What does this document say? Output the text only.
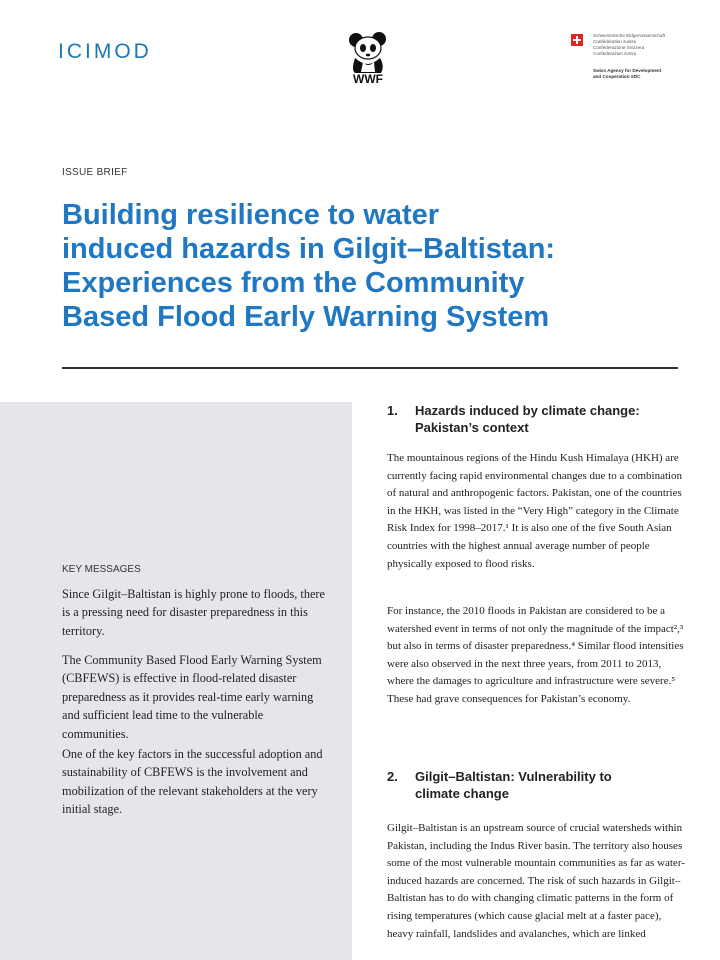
ICIMOD
WWF
Schweizerische Eidgenossenschaft
Confédération suisse
Confederazione Svizzera
Confederaziun svizra
Swiss Agency for Development
and Cooperation SDC
ISSUE BRIEF
Building resilience to water
induced hazards in Gilgit–Baltistan:
Experiences from the Community
Based Flood Early Warning System
KEY MESSAGES

Since Gilgit–Baltistan is highly prone to floods, there is a pressing need for disaster preparedness in this territory.

The Community Based Flood Early Warning System (CBFEWS) is effective in flood-related disaster preparedness as it provides real-time early warning and sufficient lead time to the vulnerable communities.

One of the key factors in the successful adoption and sustainability of CBFEWS is the involvement and mobilization of the relevant stakeholders at the very initial stage.

1. Hazards induced by climate change:
Pakistan’s context

The mountainous regions of the Hindu Kush Himalaya (HKH) are currently facing rapid environmental changes due to a combination of natural and anthropogenic factors. Pakistan, one of the countries in the HKH, was listed in the “Very High” category in the Climate Risk Index for 1998–2017.¹ It is also one of the five South Asian countries with the highest annual average number of people physically exposed to flood risks.

For instance, the 2010 floods in Pakistan are considered to be a watershed event in terms of not only the magnitude of the impact²,³ but also in terms of disaster preparedness.⁴ Similar flood intensities were also observed in the next three years, from 2011 to 2013, where the damages to agriculture and infrastructure were severe.⁵ These had grave consequences for Pakistan’s economy.

2. Gilgit–Baltistan: Vulnerability to
climate change

Gilgit–Baltistan is an upstream source of crucial watersheds within Pakistan, including the Indus River basin. The territory also houses some of the most vulnerable mountain communities as far as water-induced hazards are concerned. The risk of such hazards in Gilgit–Baltistan has to do with changing climatic patterns in the form of rising temperatures (which cause glacial melt at a faster pace), heavy rainfall, landslides and avalanches, which are linked
